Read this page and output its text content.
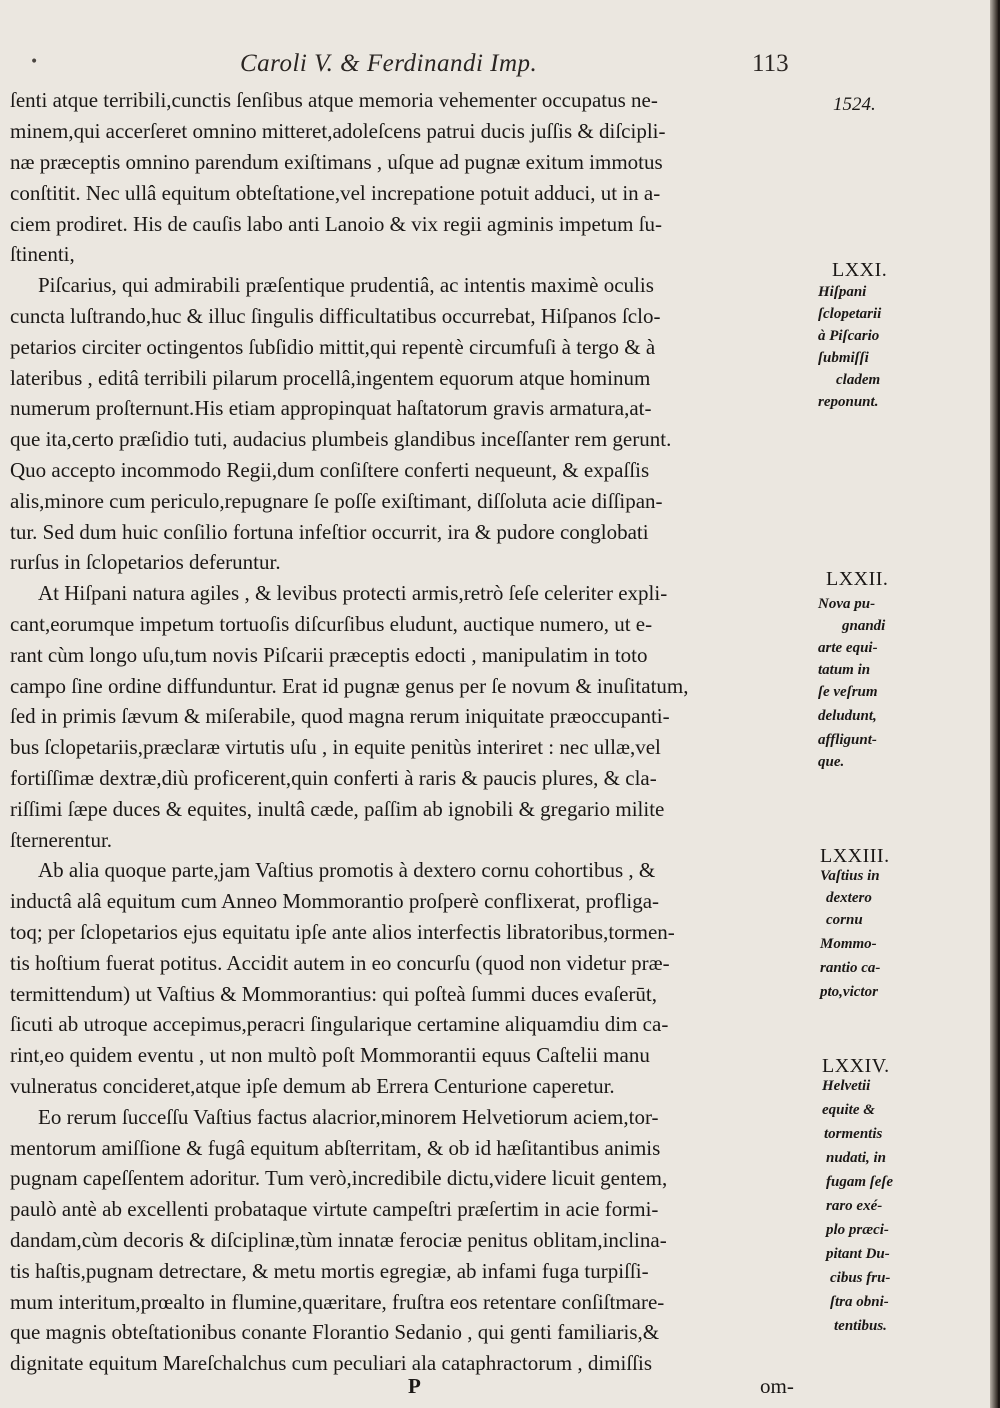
•	Caroli V. & Ferdinandi Imp.	113
1524.
ſenti atque terribili,cunctis ſenſibus atque memoria vehementer occupatus ne-
minem,qui accerſeret omnino mitteret,adoleſcens patrui ducis juſſis & diſcipli-
næ præceptis omnino parendum exiſtimans , uſque ad pugnæ exitum immotus
conſtitit. Nec ullâ equitum obteſtatione,vel increpatione potuit adduci, ut in a-
ciem prodiret. His de cauſis labo anti Lanoio & vix regii agminis impetum ſu-
ſtinenti,
Piſcarius, qui admirabili præſentique prudentiâ, ac intentis maximè oculis
cuncta luſtrando,huc & illuc ſingulis difficultatibus occurrebat, Hiſpanos ſclo-
petarios circiter octingentos ſubſidio mittit,qui repentè circumfuſi à tergo & à
lateribus , editâ terribili pilarum procellâ,ingentem equorum atque hominum
numerum proſternunt.His etiam appropinquat haſtatorum gravis armatura,at-
que ita,certo præſidio tuti, audacius plumbeis glandibus inceſſanter rem gerunt.
Quo accepto incommodo Regii,dum conſiſtere conferti nequeunt, & expaſſis
alis,minore cum periculo,repugnare ſe poſſe exiſtimant, diſſoluta acie diſſipan-
tur. Sed dum huic conſilio fortuna infeſtior occurrit, ira & pudore conglobati
rurſus in ſclopetarios deferuntur.
At Hiſpani natura agiles , & levibus protecti armis,retrò ſeſe celeriter expli-
cant,eorumque impetum tortuoſis diſcurſibus eludunt, auctique numero, ut e-
rant cùm longo uſu,tum novis Piſcarii præceptis edocti , manipulatim in toto
campo ſine ordine diffunduntur. Erat id pugnæ genus per ſe novum & inuſitatum,
ſed in primis ſævum & miſerabile, quod magna rerum iniquitate præoccupanti-
bus ſclopetariis,præclaræ virtutis uſu , in equite penitùs interiret : nec ullæ,vel
fortiſſimæ dextræ,diù proficerent,quin conferti à raris & paucis plures, & cla-
riſſimi ſæpe duces & equites, inultâ cæde, paſſim ab ignobili & gregario milite
ſternerentur.
Ab alia quoque parte,jam Vaſtius promotis à dextero cornu cohortibus , &
inductâ alâ equitum cum Anneo Mommorantio proſperè conflixerat, profliga-
toq; per ſclopetarios ejus equitatu ipſe ante alios interfectis libratoribus,tormen-
tis hoſtium fuerat potitus. Accidit autem in eo concurſu (quod non videtur præ-
termittendum) ut Vaſtius & Mommorantius: qui poſteà ſummi duces evaſerūt,
ſicuti ab utroque accepimus,peracri ſingularique certamine aliquamdiu dim ca-
rint,eo quidem eventu , ut non multò poſt Mommorantii equus Caſtelii manu
vulneratus concideret,atque ipſe demum ab Errera Centurione caperetur.
Eo rerum ſucceſſu Vaſtius factus alacrior,minorem Helvetiorum aciem,tor-
mentorum amiſſione & fugâ equitum abſterritam, & ob id hæſitantibus animis
pugnam capeſſentem adoritur. Tum verò,incredibile dictu,videre licuit gentem,
paulò antè ab excellenti probataque virtute campeſtri præſertim in acie formi-
dandam,cùm decoris & diſciplinæ,tùm innatæ ferociæ penitus oblitam,inclina-
tis haſtis,pugnam detrectare, & metu mortis egregiæ, ab infami fuga turpiſſi-
mum interitum,prœalto in flumine,quæritare, fruſtra eos retentare conſiſtmare-
que magnis obteſtationibus conante Florantio Sedanio , qui genti familiaris,&
dignitate equitum Mareſchalchus cum peculiari ala cataphractorum , dimiſſis
P	om-
LXXI.
Hiſpani
ſclopetarii
à Piſcario
ſubmiſſi
cladem
reponunt.
LXXII.
Nova pu-
gnandi
arte equi-
tatum in
ſe veſrum
deludunt,
affligunt-
que.
LXXIII.
Vaſtius in
dextero
cornu
Mommo-
rantio ca-
pto,victor
LXXIV.
Helvetii
equite &
tormentis
nudati, in
fugam ſeſe
raro exé-
plo præci-
pitant Du-
cibus fru-
ſtra obni-
tentibus.
